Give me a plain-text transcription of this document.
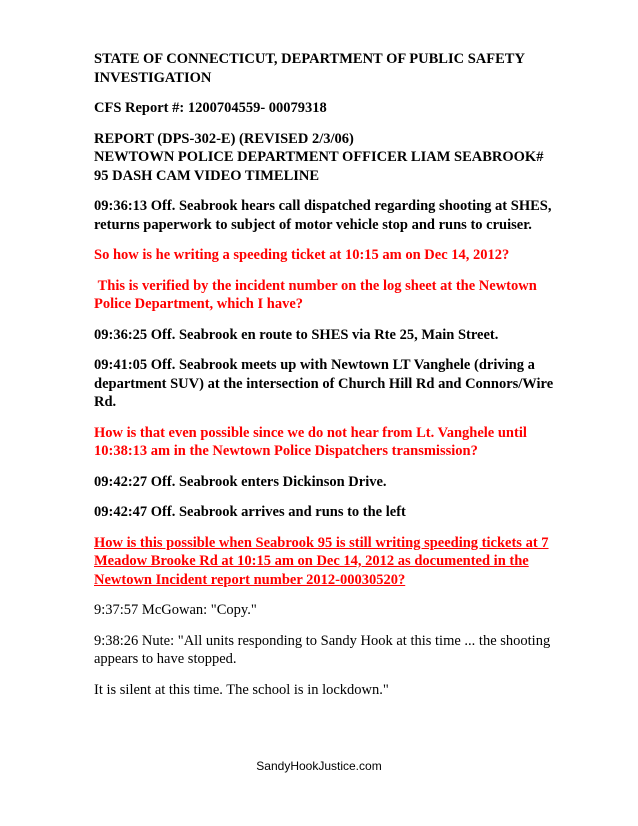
STATE OF CONNECTICUT, DEPARTMENT OF PUBLIC SAFETY INVESTIGATION

CFS Report #: 1200704559- 00079318

REPORT (DPS-302-E) (REVISED 2/3/06)
NEWTOWN POLICE DEPARTMENT OFFICER LIAM SEABROOK# 95 DASH CAM VIDEO TIMELINE

09:36:13 Off. Seabrook hears call dispatched regarding shooting at SHES, returns paperwork to subject of motor vehicle stop and runs to cruiser.

So how is he writing a speeding ticket at 10:15 am on Dec 14, 2012?

This is verified by the incident number on the log sheet at the Newtown Police Department, which I have?

09:36:25 Off. Seabrook en route to SHES via Rte 25, Main Street.

09:41:05 Off. Seabrook meets up with Newtown LT Vanghele (driving a department SUV) at the intersection of Church Hill Rd and Connors/Wire Rd.

How is that even possible since we do not hear from Lt. Vanghele until 10:38:13 am in the Newtown Police Dispatchers transmission?

09:42:27 Off. Seabrook enters Dickinson Drive.

09:42:47 Off. Seabrook arrives and runs to the left

How is this possible when Seabrook 95 is still writing speeding tickets at 7 Meadow Brooke Rd at 10:15 am on Dec 14, 2012 as documented in the Newtown Incident report number 2012-00030520?

9:37:57 McGowan: "Copy."

9:38:26 Nute: "All units responding to Sandy Hook at this time ... the shooting appears to have stopped.

It is silent at this time. The school is in lockdown."

SandyHookJustice.com
